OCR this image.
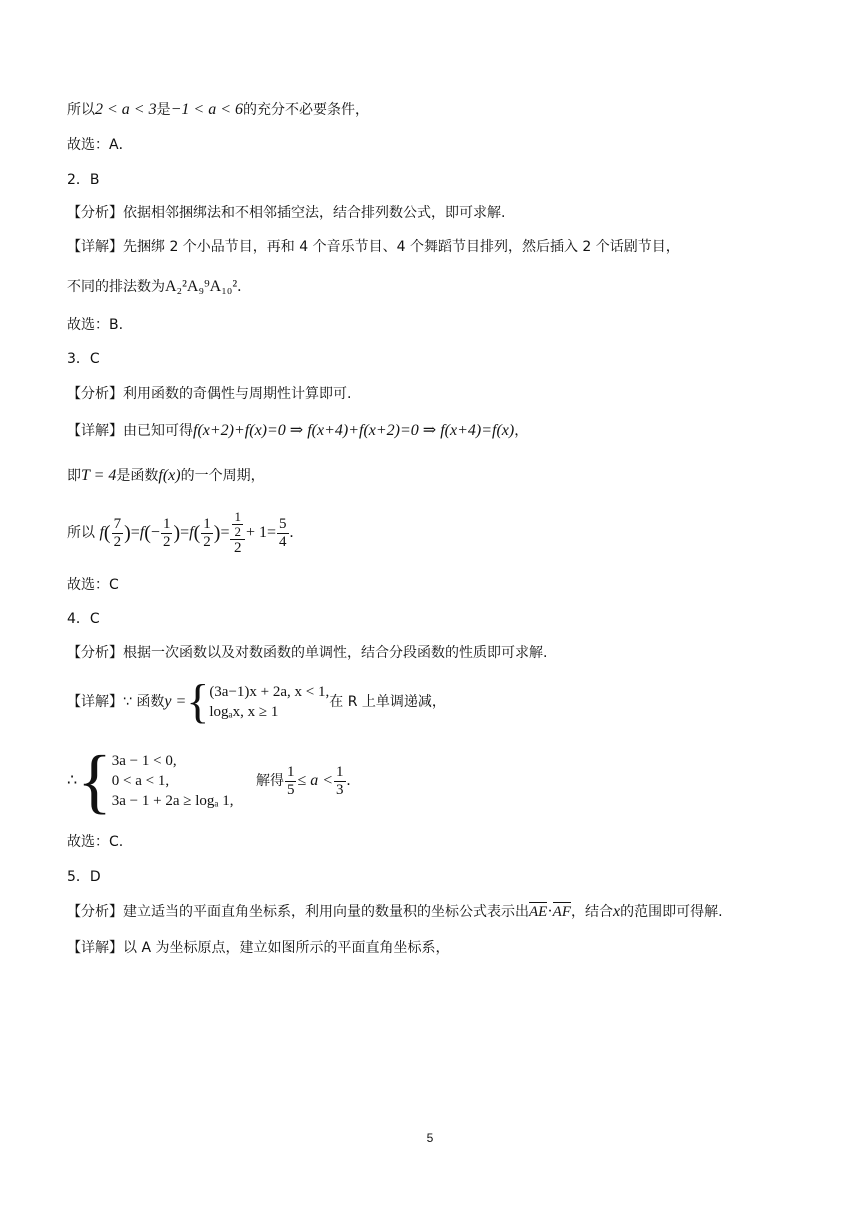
所以2 < a < 3是−1 < a < 6的充分不必要条件，
故选：A．
2．B
【分析】依据相邻捆绑法和不相邻插空法，结合排列数公式，即可求解.
【详解】先捆绑 2 个小品节目，再和 4 个音乐节目、4 个舞蹈节目排列，然后插入 2 个话剧节目，
不同的排法数为A₂²A₉⁹A₁₀²．
故选：B.
3．C
【分析】利用函数的奇偶性与周期性计算即可.
【详解】由已知可得f(x+2)+f(x)=0 ⇒ f(x+4)+f(x+2)=0 ⇒ f(x+4)=f(x)，
即T = 4是函数f(x)的一个周期，
所以 $f( \frac{7}{2} )=f(- \frac{1}{2} )=f( \frac{1}{2}$ )= $\frac{\frac{1}{2}}{2} + 1= \frac{5}{4}$ .
故选：C
4．C
【分析】根据一次函数以及对数函数的单调性，结合分段函数的性质即可求解.
【详解】∵ 函数y ={ (3a−1)x + 2a, x < 1,
logₐx, x ≥ 1
在 R 上单调递减，
∴{ 3a − 1 < 0,
0 < a < 1,
3a − 1 + 2a ≥ logₐ 1,
解得 $\frac{1}{5} \le a < \frac{1}{3}$ .
故选：C.
5．D
【分析】建立适当的平面直角坐标系，利用向量的数量积的坐标公式表示出AE·AF，结合x的范围即可得解.
【详解】以 A 为坐标原点，建立如图所示的平面直角坐标系，
5
